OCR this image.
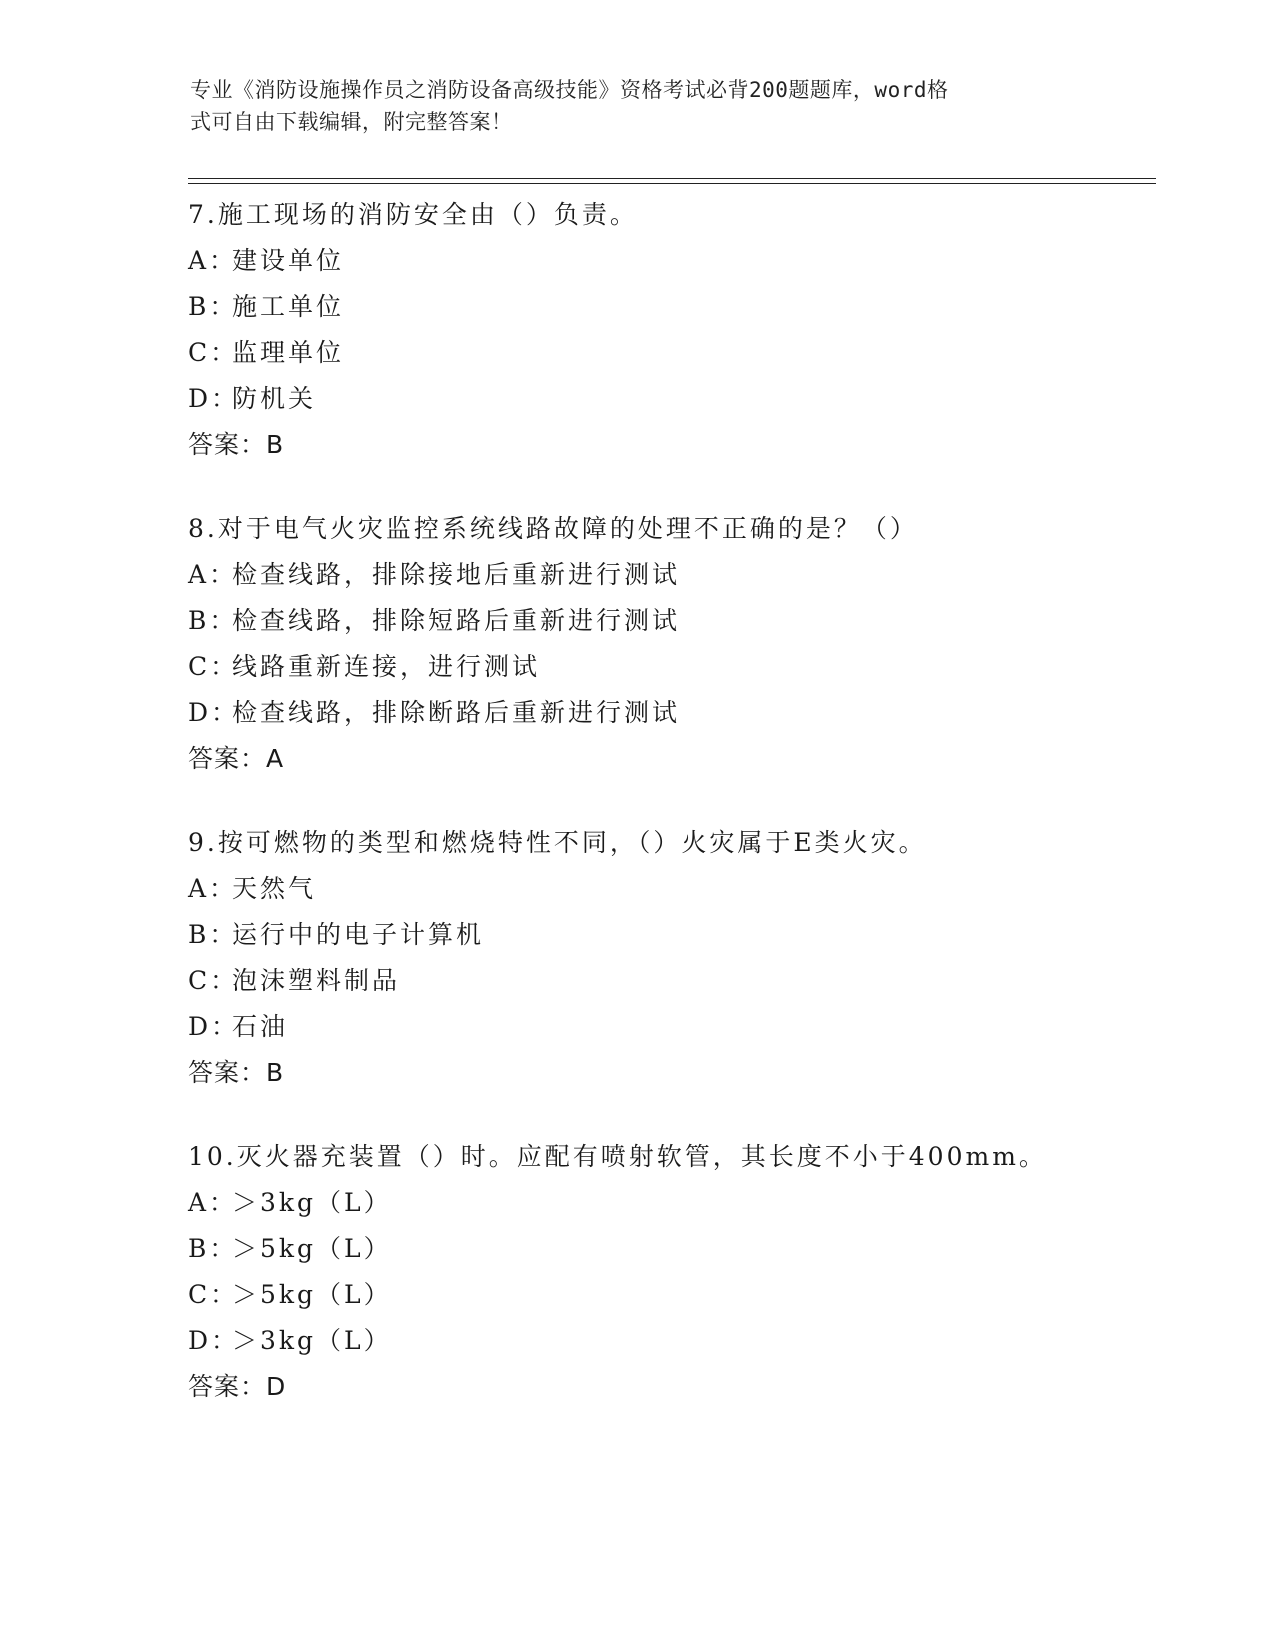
专业《消防设施操作员之消防设备高级技能》资格考试必背200题题库，word格
式可自由下载编辑，附完整答案！
7.施工现场的消防安全由（）负责。
A：建设单位
B：施工单位
C：监理单位
D：防机关
答案：B
8.对于电气火灾监控系统线路故障的处理不正确的是？（）
A：检查线路，排除接地后重新进行测试
B：检查线路，排除短路后重新进行测试
C：线路重新连接，进行测试
D：检查线路，排除断路后重新进行测试
答案：A
9.按可燃物的类型和燃烧特性不同，（）火灾属于E类火灾。
A：天然气
B：运行中的电子计算机
C：泡沫塑料制品
D：石油
答案：B
10.灭火器充装置（）时。应配有喷射软管，其长度不小于400mm。
A：＞3kg（L）
B：＞5kg（L）
C：＞5kg（L）
D：＞3kg（L）
答案：D
